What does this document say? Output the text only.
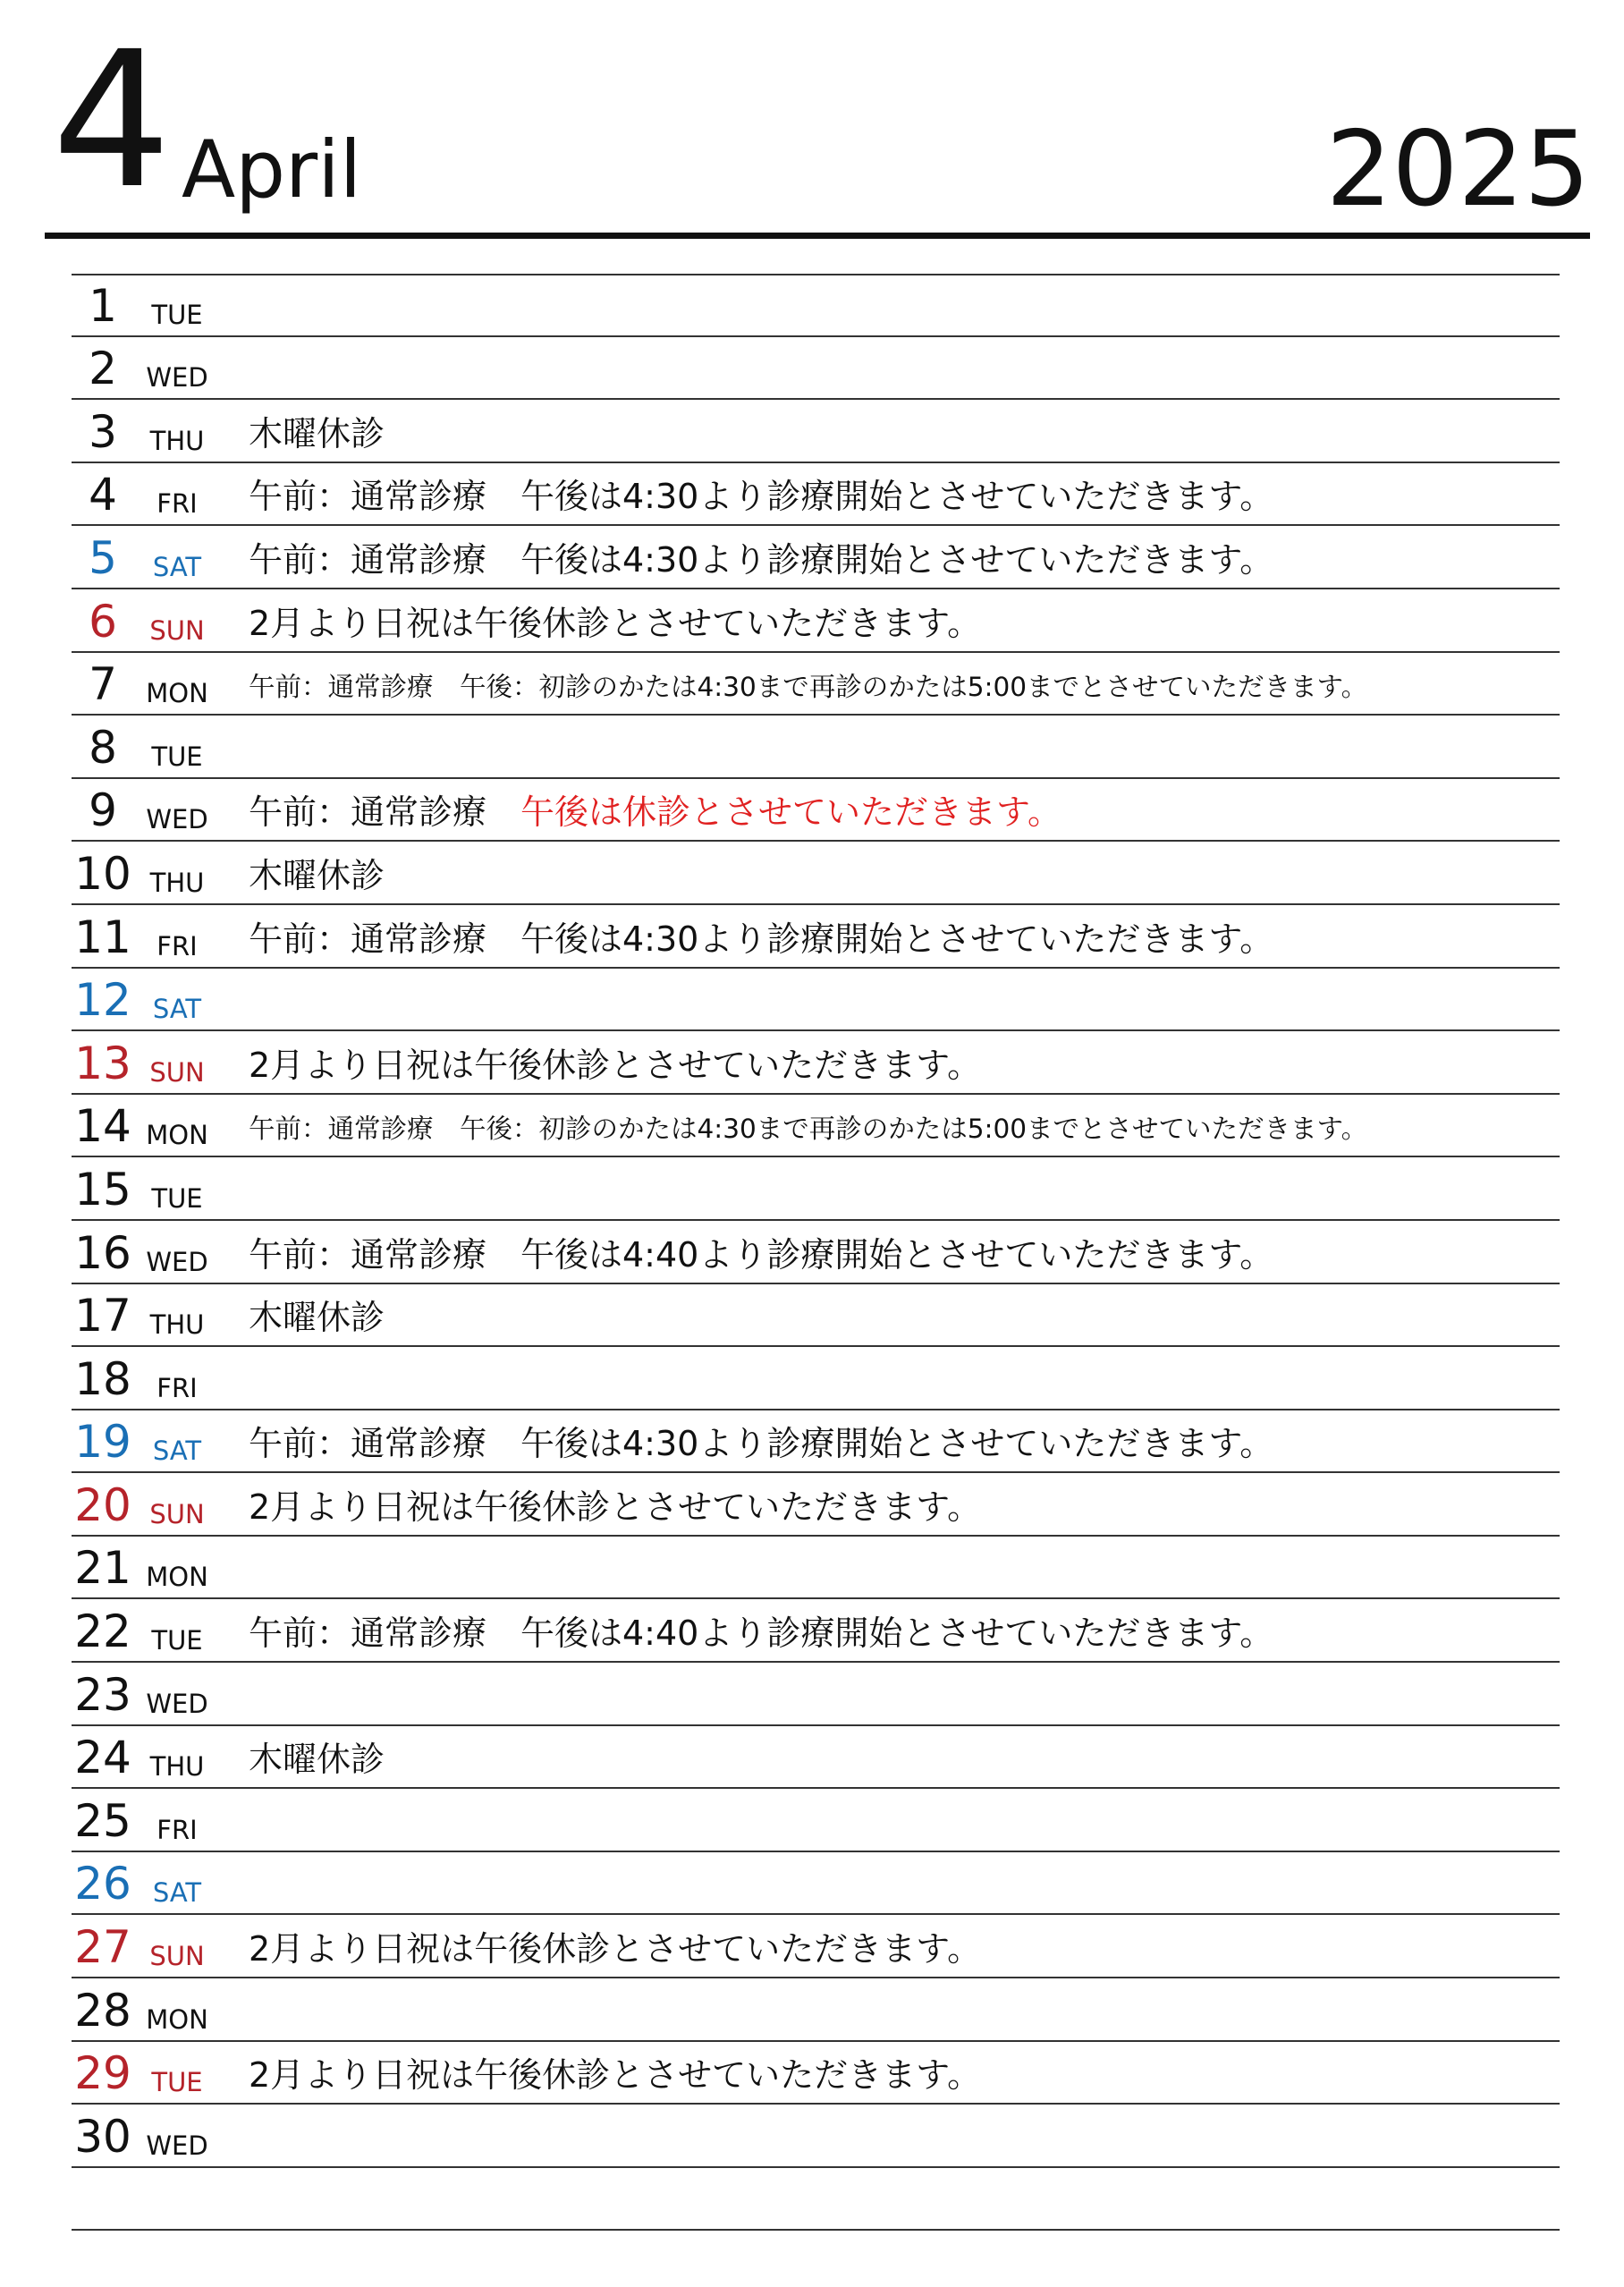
4 April	2025
1	TUE
2	WED
3	THU 木曜休診
4	FRI	午前：通常診療　午後は4:30より診療開始とさせていただきます。
5	SAT 午前：通常診療　午後は4:30より診療開始とさせていただきます。
6	SUN 2月より日祝は午後休診とさせていただきます。
7	MON 午前：通常診療　午後：初診のかたは4:30まで再診のかたは5:00までとさせていただきます。
8	TUE
9	WED 午前：通常診療　午後は休診とさせていただきます。
10 THU 木曜休診
11 FRI	午前：通常診療　午後は4:30より診療開始とさせていただきます。
12 SAT
13 SUN 2月より日祝は午後休診とさせていただきます。
14 MON 午前：通常診療　午後：初診のかたは4:30まで再診のかたは5:00までとさせていただきます。
15 TUE
16 WED 午前：通常診療　午後は4:40より診療開始とさせていただきます。
17 THU 木曜休診
18 FRI
19 SAT 午前：通常診療　午後は4:30より診療開始とさせていただきます。
20 SUN 2月より日祝は午後休診とさせていただきます。
21 MON
22 TUE 午前：通常診療　午後は4:40より診療開始とさせていただきます。
23 WED
24 THU 木曜休診
25 FRI
26 SAT
27 SUN 2月より日祝は午後休診とさせていただきます。
28 MON
29 TUE 2月より日祝は午後休診とさせていただきます。
30 WED
